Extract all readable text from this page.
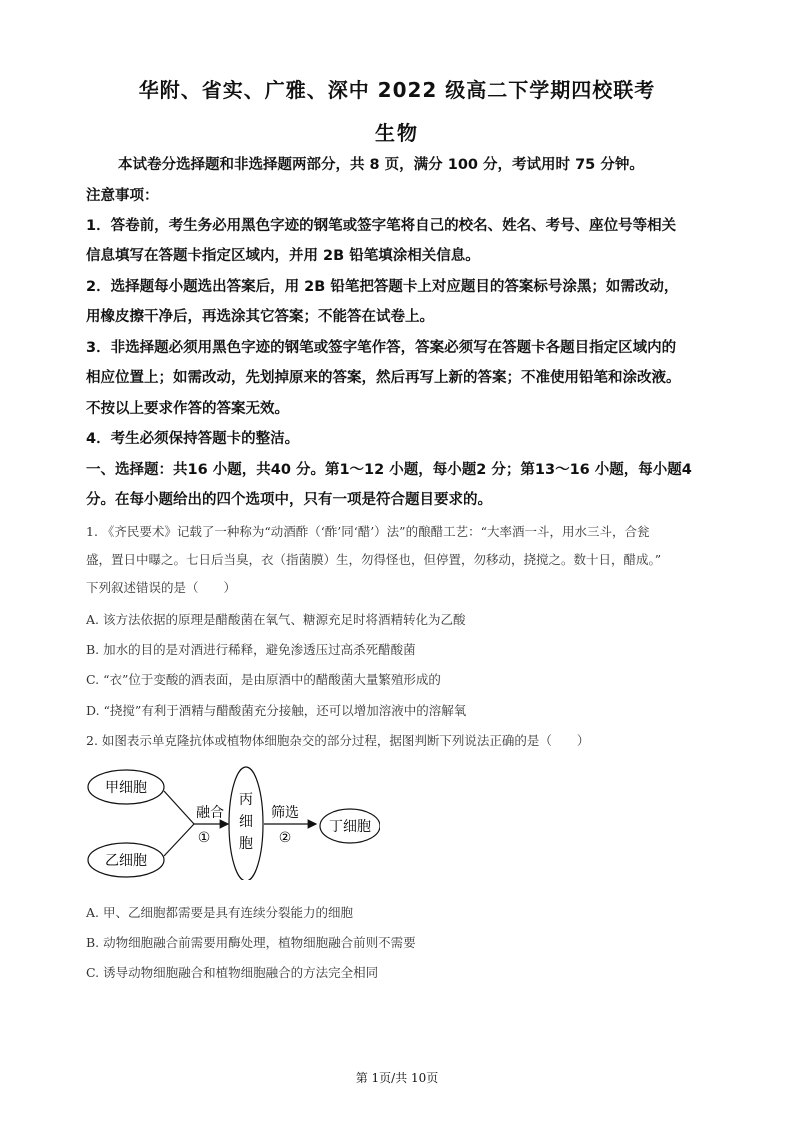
华附、省实、广雅、深中 2022 级高二下学期四校联考
生物
本试卷分选择题和非选择题两部分，共 8 页，满分 100 分，考试用时 75 分钟。
注意事项：
1．答卷前，考生务必用黑色字迹的钢笔或签字笔将自己的校名、姓名、考号、座位号等相关
信息填写在答题卡指定区域内，并用 2B 铅笔填涂相关信息。
2．选择题每小题选出答案后，用 2B 铅笔把答题卡上对应题目的答案标号涂黑；如需改动，
用橡皮擦干净后，再选涂其它答案；不能答在试卷上。
3．非选择题必须用黑色字迹的钢笔或签字笔作答，答案必须写在答题卡各题目指定区域内的
相应位置上；如需改动，先划掉原来的答案，然后再写上新的答案；不准使用铅笔和涂改液。
不按以上要求作答的答案无效。
4．考生必须保持答题卡的整洁。
一、选择题：共16 小题，共40 分。第1～12 小题，每小题2 分；第13～16 小题，每小题4
分。在每小题给出的四个选项中，只有一项是符合题目要求的。
1. 《齐民要术》记载了一种称为“动酒酢（‘酢’同‘醋’）法”的酿醋工艺：“大率酒一斗，用水三斗，合瓮
盛，置日中曝之。七日后当臭，衣（指菌膜）生，勿得怪也，但停置，勿移动，挠搅之。数十日，醋成。”
下列叙述错误的是（　　）
A. 该方法依据的原理是醋酸菌在氧气、糖源充足时将酒精转化为乙酸
B. 加水的目的是对酒进行稀释，避免渗透压过高杀死醋酸菌
C. “衣”位于变酸的酒表面，是由原酒中的醋酸菌大量繁殖形成的
D. “挠搅”有利于酒精与醋酸菌充分接触，还可以增加溶液中的溶解氧
2. 如图表示单克隆抗体或植物体细胞杂交的部分过程，据图判断下列说法正确的是（　　）
甲细胞
乙细胞
融合
①
丙
细
胞
筛选
②
丁细胞
A. 甲、乙细胞都需要是具有连续分裂能力的细胞
B. 动物细胞融合前需要用酶处理，植物细胞融合前则不需要
C. 诱导动物细胞融合和植物细胞融合的方法完全相同
第 1页/共 10页
